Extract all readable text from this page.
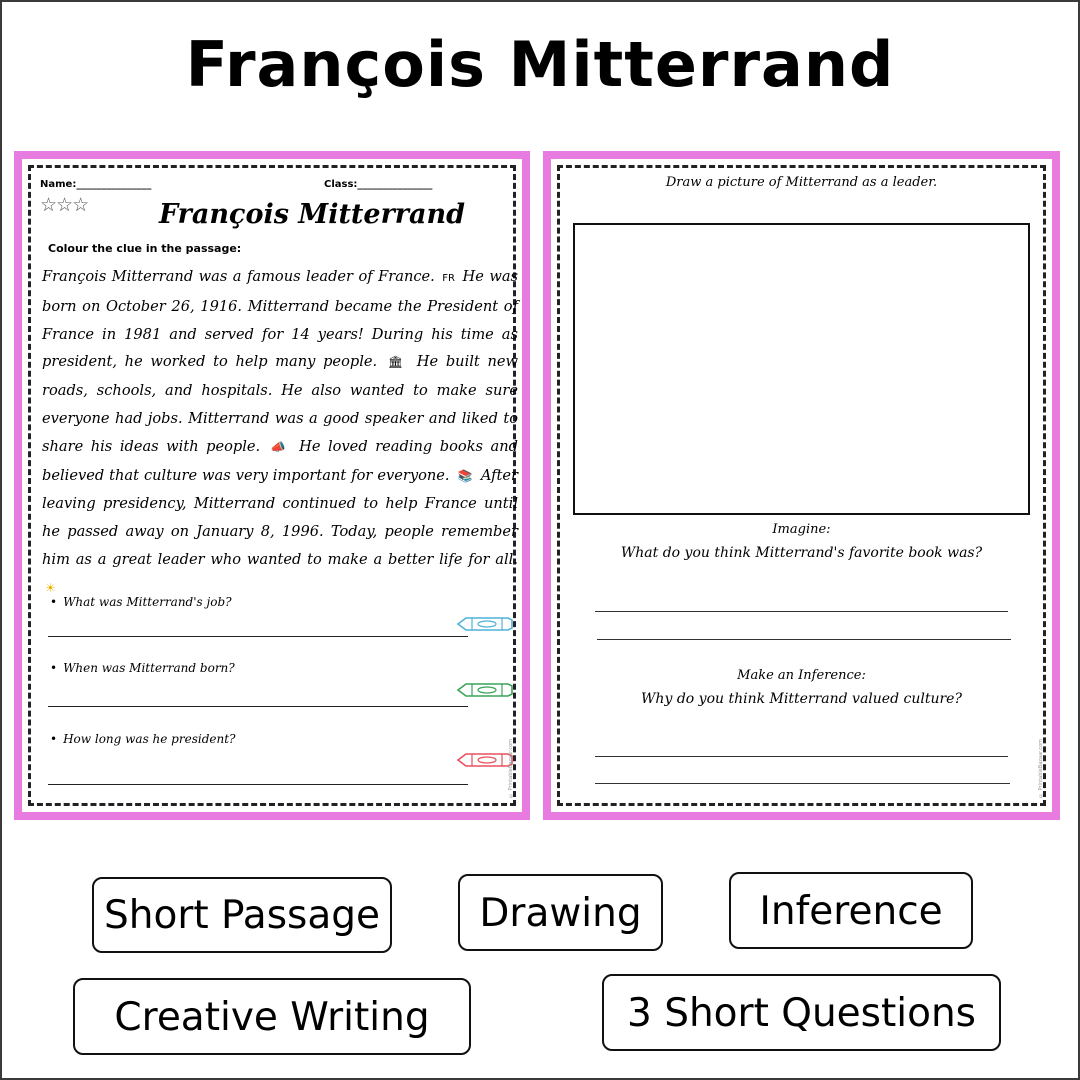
François Mitterrand
Name:_______________	Class:_______________
☆☆☆	François Mitterrand
Colour the clue in the passage:

François Mitterrand was a famous leader of France. FR He was born on October 26, 1916. Mitterrand became the President of France in 1981 and served for 14 years! During his time as president, he worked to help many people. 🏛 He built new roads, schools, and hospitals. He also wanted to make sure everyone had jobs. Mitterrand was a good speaker and liked to share his ideas with people. 📣 He loved reading books and believed that culture was very important for everyone. 📚 After leaving presidency, Mitterrand continued to help France until he passed away on January 8, 1996. Today, people remember him as a great leader who wanted to make a better life for all. ☀

• What was Mitterrand's job?
• When was Mitterrand born?
• How long was he president?	© PrintableBazaar.com
Draw a picture of Mitterrand as a leader.
Imagine:
What do you think Mitterrand's favorite book was?
Make an Inference:
Why do you think Mitterrand valued culture?
© PrintableBazaar.com
Short Passage	Drawing	Inference
Creative Writing	3 Short Questions
